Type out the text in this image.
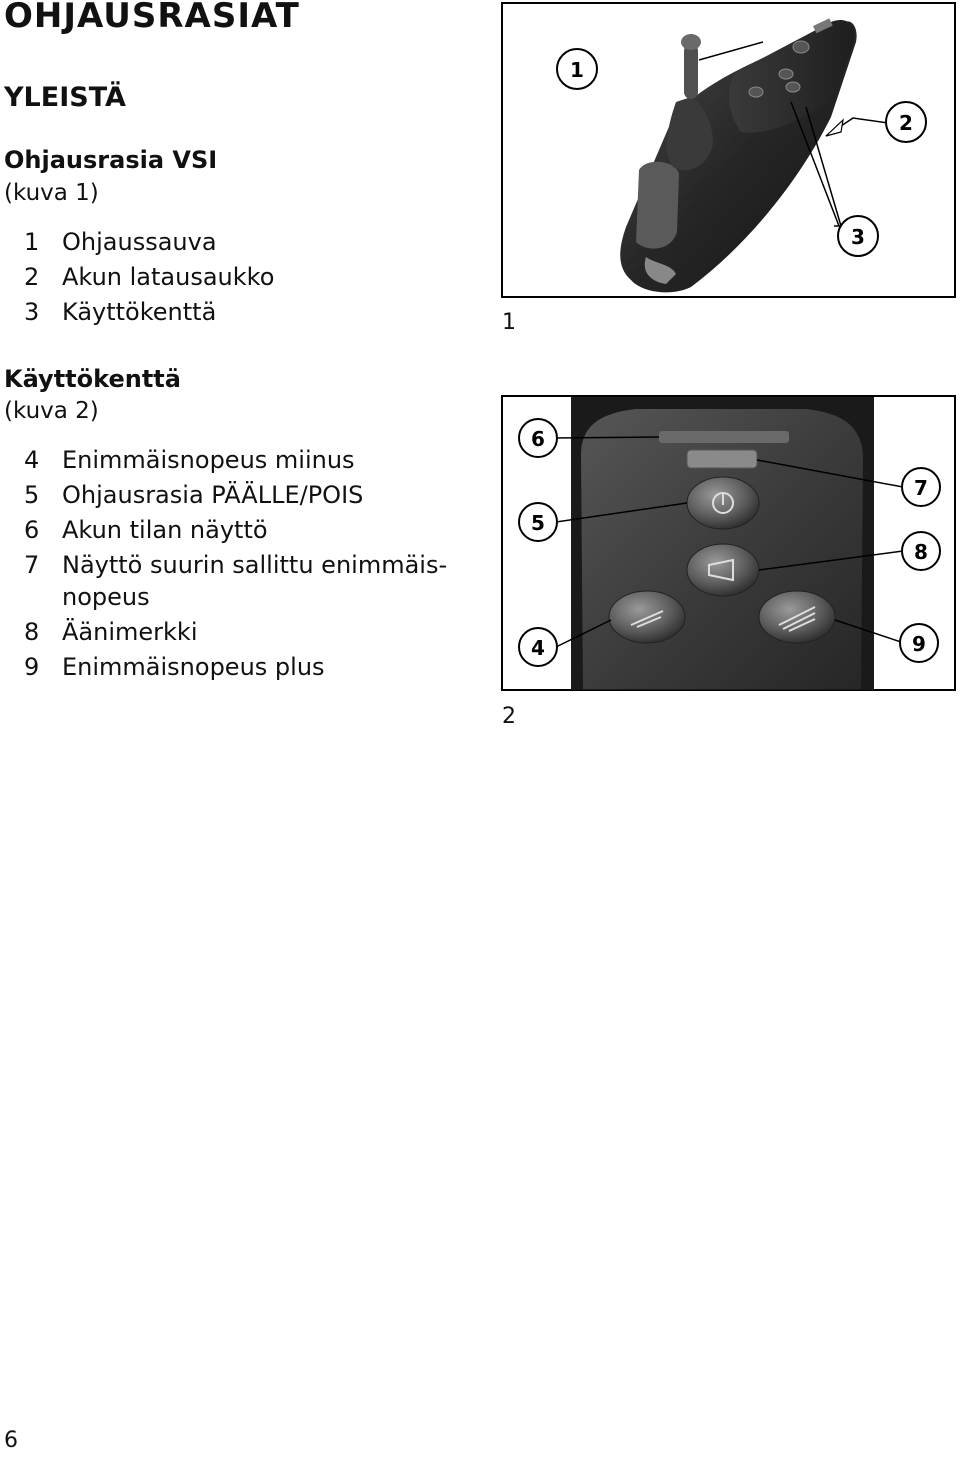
OHJAUSRASIAT
YLEISTÄ
Ohjausrasia VSI
(kuva 1)
1 Ohjaussauva
2 Akun latausaukko
3 Käyttökenttä
Käyttökenttä
(kuva 2)
4 Enimmäisnopeus miinus
5 Ohjausrasia PÄÄLLE/POIS
6 Akun tilan näyttö
7 Näyttö suurin sallittu enimmäis-
nopeus
8 Äänimerkki
9 Enimmäisnopeus plus
1
2
3
1
6
5
4
7
8
9
2
6
